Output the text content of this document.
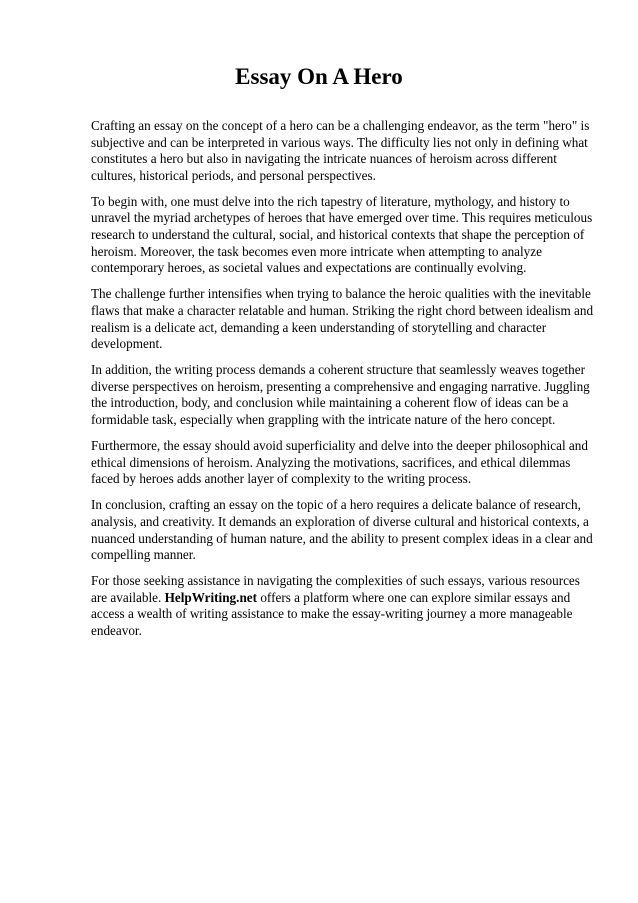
Essay On A Hero

Crafting an essay on the concept of a hero can be a challenging endeavor, as the term "hero" is subjective and can be interpreted in various ways. The difficulty lies not only in defining what constitutes a hero but also in navigating the intricate nuances of heroism across different cultures, historical periods, and personal perspectives.

To begin with, one must delve into the rich tapestry of literature, mythology, and history to unravel the myriad archetypes of heroes that have emerged over time. This requires meticulous research to understand the cultural, social, and historical contexts that shape the perception of heroism. Moreover, the task becomes even more intricate when attempting to analyze contemporary heroes, as societal values and expectations are continually evolving.

The challenge further intensifies when trying to balance the heroic qualities with the inevitable flaws that make a character relatable and human. Striking the right chord between idealism and realism is a delicate act, demanding a keen understanding of storytelling and character development.

In addition, the writing process demands a coherent structure that seamlessly weaves together diverse perspectives on heroism, presenting a comprehensive and engaging narrative. Juggling the introduction, body, and conclusion while maintaining a coherent flow of ideas can be a formidable task, especially when grappling with the intricate nature of the hero concept.

Furthermore, the essay should avoid superficiality and delve into the deeper philosophical and ethical dimensions of heroism. Analyzing the motivations, sacrifices, and ethical dilemmas faced by heroes adds another layer of complexity to the writing process.

In conclusion, crafting an essay on the topic of a hero requires a delicate balance of research, analysis, and creativity. It demands an exploration of diverse cultural and historical contexts, a nuanced understanding of human nature, and the ability to present complex ideas in a clear and compelling manner.

For those seeking assistance in navigating the complexities of such essays, various resources are available. HelpWriting.net offers a platform where one can explore similar essays and access a wealth of writing assistance to make the essay-writing journey a more manageable endeavor.
